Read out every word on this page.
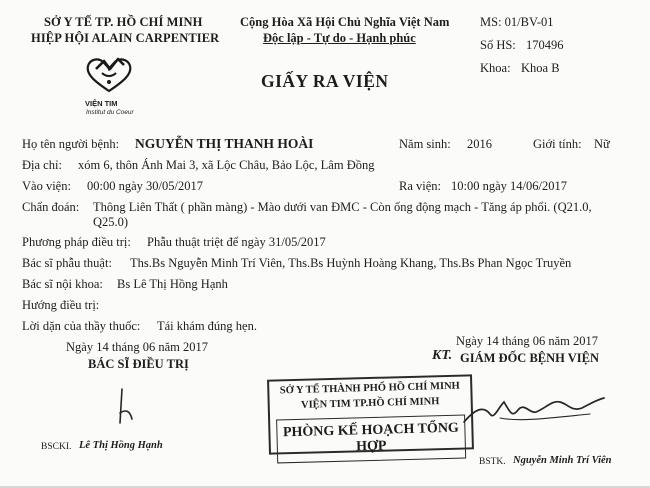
SỞ Y TẾ TP. HỒ CHÍ MINH
HIỆP HỘI ALAIN CARPENTIER
VIỆN TIM
Institut du Coeur
Cộng Hòa Xã Hội Chủ Nghĩa Việt Nam
Độc lập - Tự do - Hạnh phúc
GIẤY RA VIỆN
MS: 01/BV-01
Số HS: 170496
Khoa: Khoa B
Họ tên người bệnh: NGUYỄN THỊ THANH HOÀI	Năm sinh: 2016	Giới tính: Nữ
Địa chỉ: xóm 6, thôn Ánh Mai 3, xã Lộc Châu, Bảo Lộc, Lâm Đồng
Vào viện: 00:00 ngày 30/05/2017	Ra viện: 10:00 ngày 14/06/2017
Chẩn đoán: Thông Liên Thất ( phần màng) - Mào dưới van ĐMC - Còn ống động mạch - Tăng áp phổi. (Q21.0,
Q25.0)
Phương pháp điều trị: Phẫu thuật triệt để ngày 31/05/2017
Bác sĩ phẫu thuật: Ths.Bs Nguyễn Minh Trí Viên, Ths.Bs Huỳnh Hoàng Khang, Ths.Bs Phan Ngọc Truyền
Bác sĩ nội khoa: Bs Lê Thị Hồng Hạnh
Hướng điều trị:
Lời dặn của thầy thuốc: Tái khám đúng hẹn.
Ngày 14 tháng 06 năm 2017
BÁC SĨ ĐIỀU TRỊ
BSCKI. Lê Thị Hồng Hạnh
Ngày 14 tháng 06 năm 2017
KT. GIÁM ĐỐC BỆNH VIỆN
SỞ Y TẾ THÀNH PHỐ HỒ CHÍ MINH
VIỆN TIM TP.HỒ CHÍ MINH
PHÒNG KẾ HOẠCH TỔNG HỢP
BSTK. Nguyễn Minh Trí Viên
